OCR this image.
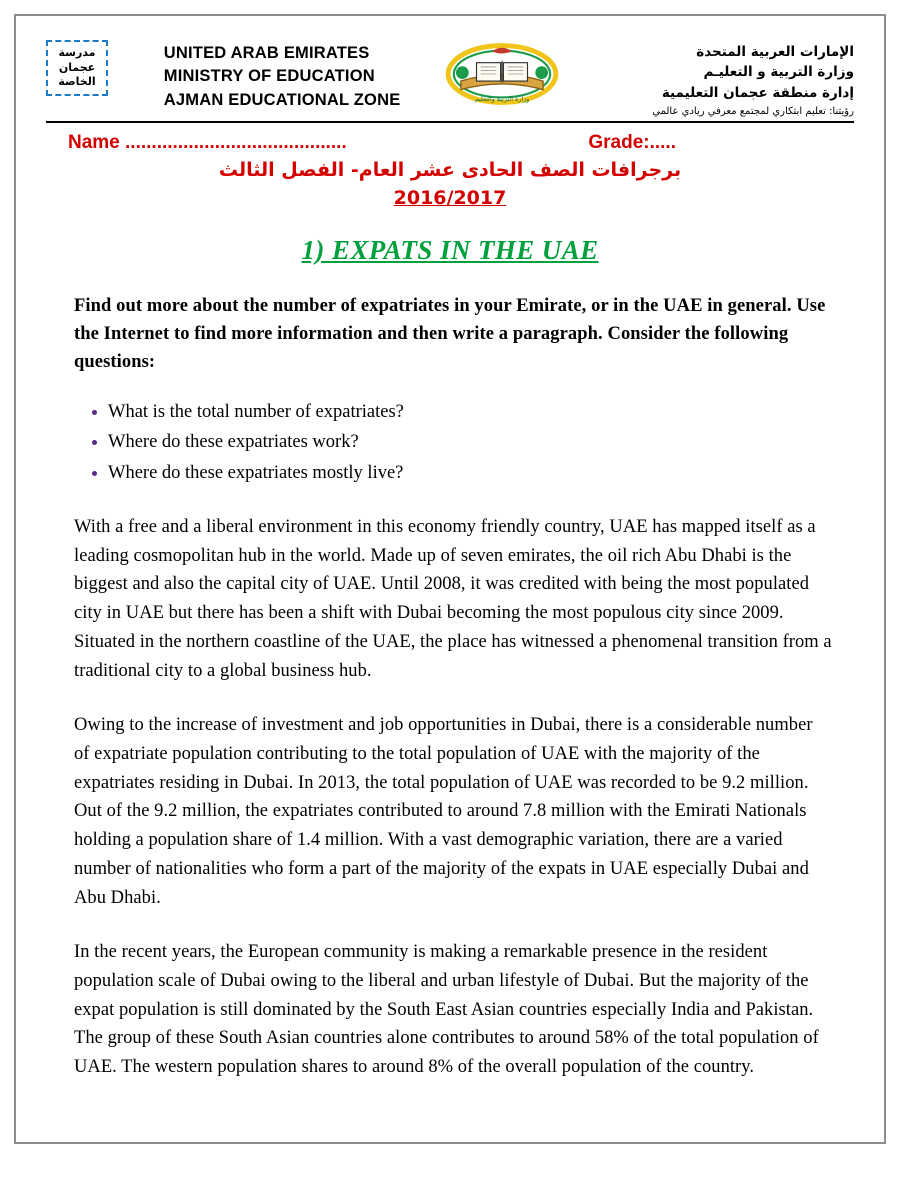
مدرسة
عجمان
الخاصة
UNITED ARAB EMIRATES
MINISTRY OF EDUCATION
AJMAN EDUCATIONAL ZONE	وزارة التربية والتعليم
الإمارات العربية المتحدة
وزارة التربية و التعليـم
إدارة منطقة عجمان التعليمية
رؤيتنا: تعليم ابتكاري لمجتمع معرفي ريادي عالمي
Name ..........................................	Grade:.....
برجرافات الصف الحادى عشر العام- الفصل الثالث
2016/2017
1) EXPATS IN THE UAE
Find out more about the number of expatriates in your Emirate, or in the UAE in general. Use the Internet to find more information and then write a paragraph. Consider the following questions:
What is the total number of expatriates?
Where do these expatriates work?
Where do these expatriates mostly live?

With a free and a liberal environment in this economy friendly country, UAE has mapped itself as a leading cosmopolitan hub in the world. Made up of seven emirates, the oil rich Abu Dhabi is the biggest and also the capital city of UAE. Until 2008, it was credited with being the most populated city in UAE but there has been a shift with Dubai becoming the most populous city since 2009. Situated in the northern coastline of the UAE, the place has witnessed a phenomenal transition from a traditional city to a global business hub.

Owing to the increase of investment and job opportunities in Dubai, there is a considerable number of expatriate population contributing to the total population of UAE with the majority of the expatriates residing in Dubai. In 2013, the total population of UAE was recorded to be 9.2 million. Out of the 9.2 million, the expatriates contributed to around 7.8 million with the Emirati Nationals holding a population share of 1.4 million. With a vast demographic variation, there are a varied number of nationalities who form a part of the majority of the expats in UAE especially Dubai and Abu Dhabi.

In the recent years, the European community is making a remarkable presence in the resident population scale of Dubai owing to the liberal and urban lifestyle of Dubai. But the majority of the expat population is still dominated by the South East Asian countries especially India and Pakistan. The group of these South Asian countries alone contributes to around 58% of the total population of UAE. The western population shares to around 8% of the overall population of the country.
